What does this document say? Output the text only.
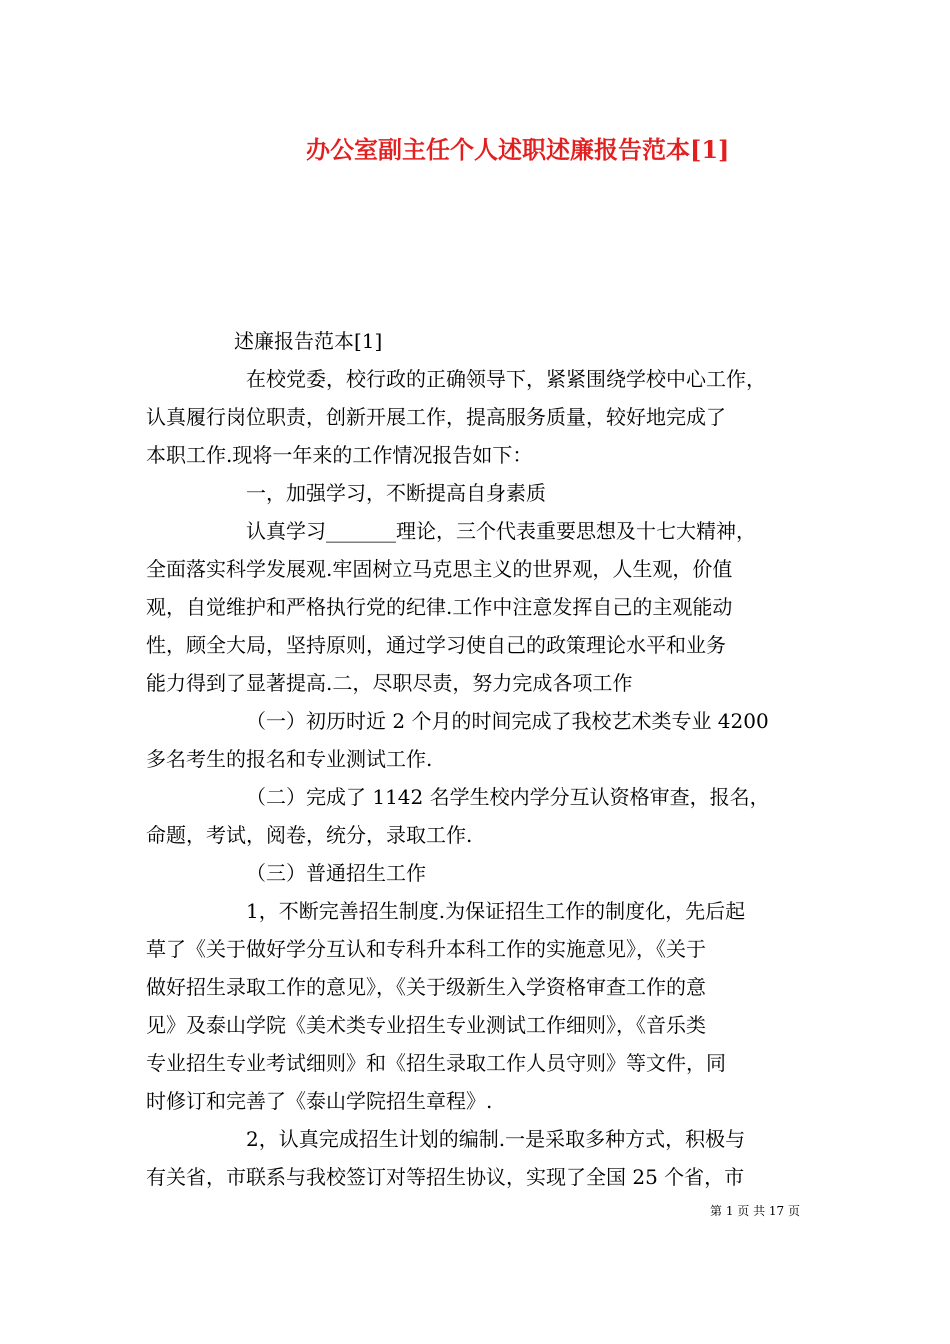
办公室副主任个人述职述廉报告范本[1]
述廉报告范本[1]
在校党委，校行政的正确领导下，紧紧围绕学校中心工作，
认真履行岗位职责，创新开展工作，提高服务质量，较好地完成了
本职工作.现将一年来的工作情况报告如下：
一，加强学习，不断提高自身素质
认真学习_______理论，三个代表重要思想及十七大精神，
全面落实科学发展观.牢固树立马克思主义的世界观，人生观，价值
观，自觉维护和严格执行党的纪律.工作中注意发挥自己的主观能动
性，顾全大局，坚持原则，通过学习使自己的政策理论水平和业务
能力得到了显著提高.二，尽职尽责，努力完成各项工作
（一）初历时近 2 个月的时间完成了我校艺术类专业 4200
多名考生的报名和专业测试工作.
（二）完成了 1142 名学生校内学分互认资格审查，报名，
命题，考试，阅卷，统分，录取工作.
（三）普通招生工作
1，不断完善招生制度.为保证招生工作的制度化，先后起
草了《关于做好学分互认和专科升本科工作的实施意见》，《关于
做好招生录取工作的意见》，《关于级新生入学资格审查工作的意
见》及泰山学院《美术类专业招生专业测试工作细则》，《音乐类
专业招生专业考试细则》和《招生录取工作人员守则》等文件，同
时修订和完善了《泰山学院招生章程》.
2，认真完成招生计划的编制.一是采取多种方式，积极与
有关省，市联系与我校签订对等招生协议，实现了全国 25 个省，市
第 1 页 共 17 页
